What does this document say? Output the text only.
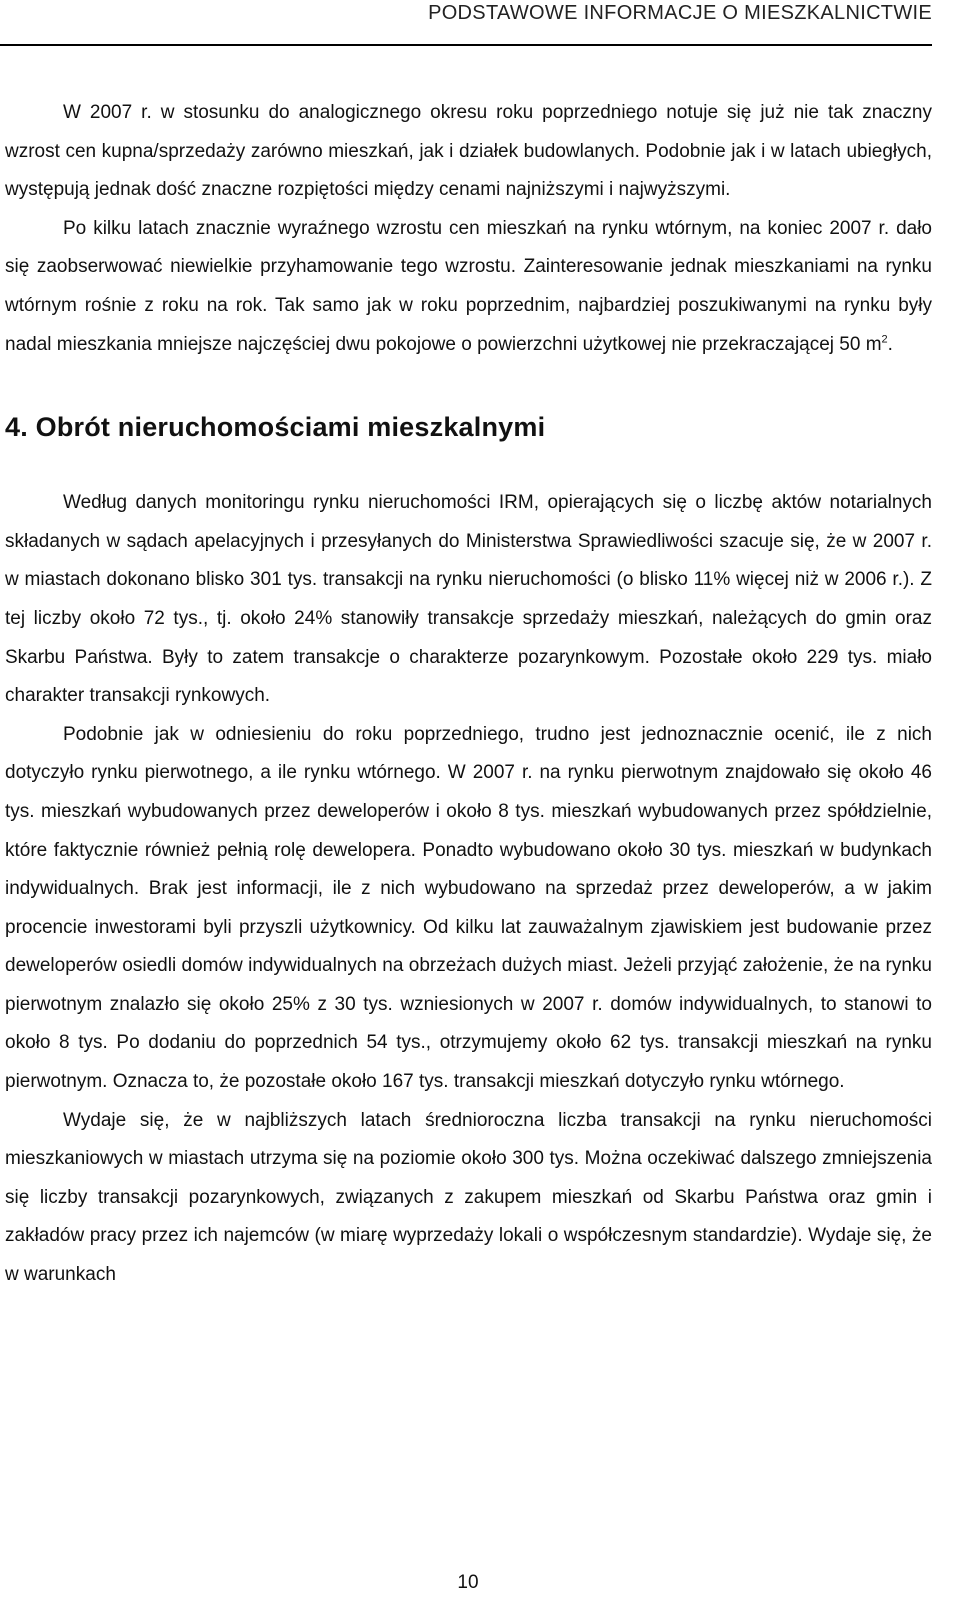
PODSTAWOWE INFORMACJE O MIESZKALNICTWIE

W 2007 r. w stosunku do analogicznego okresu roku poprzedniego notuje się już nie tak znaczny wzrost cen kupna/sprzedaży zarówno mieszkań, jak i działek budowlanych. Podobnie jak i w latach ubiegłych, występują jednak dość znaczne rozpiętości między cenami najniższymi i najwyższymi.

Po kilku latach znacznie wyraźnego wzrostu cen mieszkań na rynku wtórnym, na koniec 2007 r. dało się zaobserwować niewielkie przyhamowanie tego wzrostu. Zainteresowanie jednak mieszkaniami na rynku wtórnym rośnie z roku na rok. Tak samo jak w roku poprzednim, najbardziej poszukiwanymi na rynku były nadal mieszkania mniejsze najczęściej dwu pokojowe o powierzchni użytkowej nie przekraczającej 50 $m^2$.

4. Obrót nieruchomościami mieszkalnymi

Według danych monitoringu rynku nieruchomości IRM, opierających się o liczbę aktów notarialnych składanych w sądach apelacyjnych i przesyłanych do Ministerstwa Sprawiedliwości szacuje się, że w 2007 r. w miastach dokonano blisko 301 tys. transakcji na rynku nieruchomości (o blisko 11% więcej niż w 2006 r.). Z tej liczby około 72 tys., tj. około 24% stanowiły transakcje sprzedaży mieszkań, należących do gmin oraz Skarbu Państwa. Były to zatem transakcje o charakterze pozarynkowym. Pozostałe około 229 tys. miało charakter transakcji rynkowych.

Podobnie jak w odniesieniu do roku poprzedniego, trudno jest jednoznacznie ocenić, ile z nich dotyczyło rynku pierwotnego, a ile rynku wtórnego. W 2007 r. na rynku pierwotnym znajdowało się około 46 tys. mieszkań wybudowanych przez deweloperów i około 8 tys. mieszkań wybudowanych przez spółdzielnie, które faktycznie również pełnią rolę dewelopera. Ponadto wybudowano około 30 tys. mieszkań w budynkach indywidualnych. Brak jest informacji, ile z nich wybudowano na sprzedaż przez deweloperów, a w jakim procencie inwestorami byli przyszli użytkownicy. Od kilku lat zauważalnym zjawiskiem jest budowanie przez deweloperów osiedli domów indywidualnych na obrzeżach dużych miast. Jeżeli przyjąć założenie, że na rynku pierwotnym znalazło się około 25% z 30 tys. wzniesionych w 2007 r. domów indywidualnych, to stanowi to około 8 tys. Po dodaniu do poprzednich 54 tys., otrzymujemy około 62 tys. transakcji mieszkań na rynku pierwotnym. Oznacza to, że pozostałe około 167 tys. transakcji mieszkań dotyczyło rynku wtórnego.

Wydaje się, że w najbliższych latach średnioroczna liczba transakcji na rynku nieruchomości mieszkaniowych w miastach utrzyma się na poziomie około 300 tys. Można oczekiwać dalszego zmniejszenia się liczby transakcji pozarynkowych, związanych z zakupem mieszkań od Skarbu Państwa oraz gmin i zakładów pracy przez ich najemców (w miarę wyprzedaży lokali o współczesnym standardzie). Wydaje się, że w warunkach

10
